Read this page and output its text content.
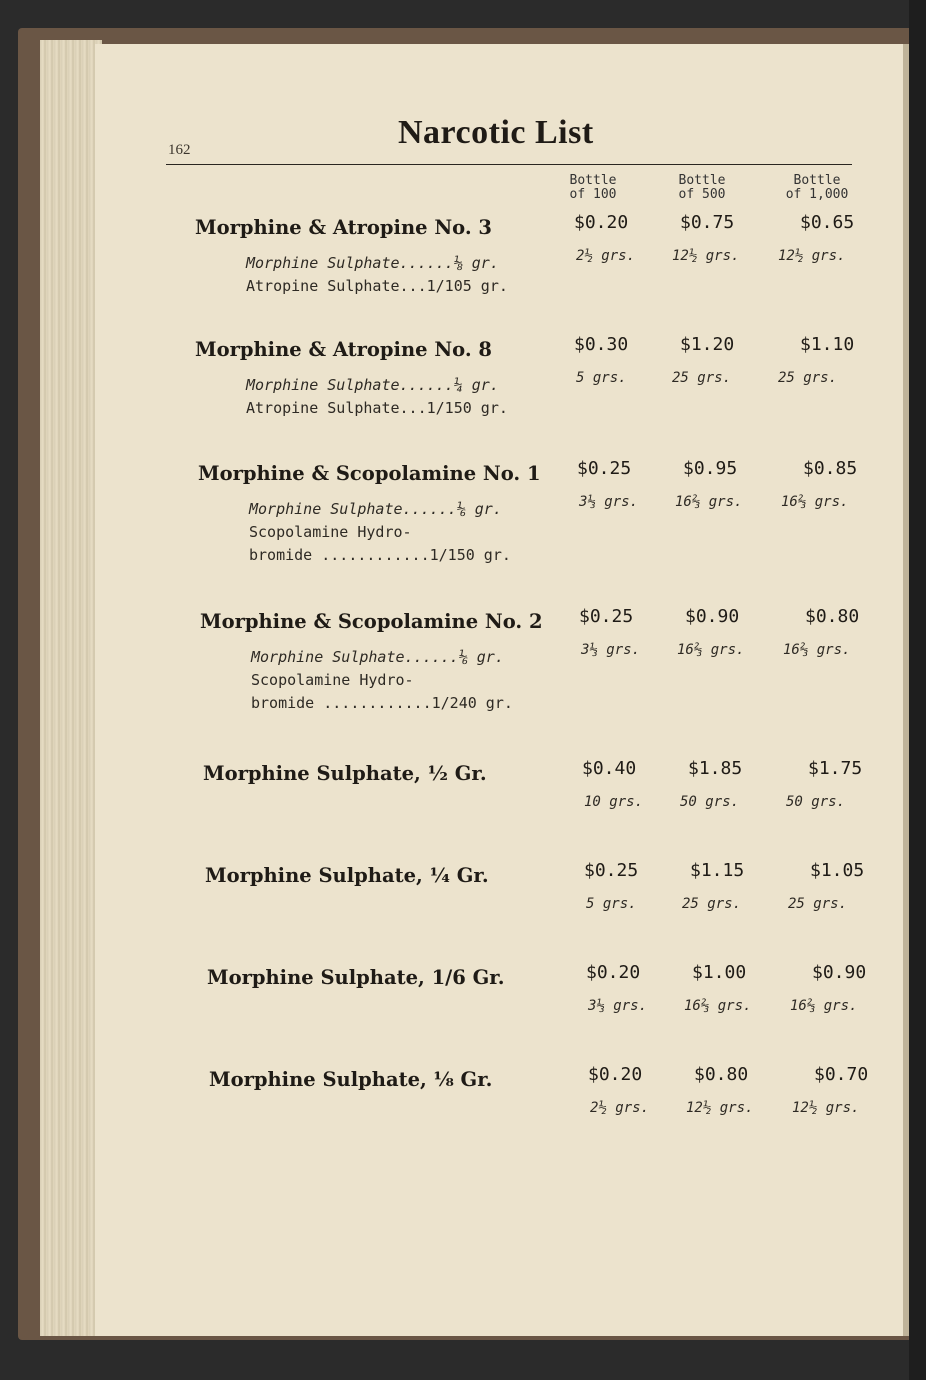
162	Narcotic List
Bottle
of 100
Bottle
of 500
Bottle
of 1,000
Morphine & Atropine No. 3
Morphine Sulphate......⅛ gr.
Atropine Sulphate...1/105 gr.
$0.20	$0.75	$0.65
2½ grs.	12½ grs.	12½ grs.
Morphine & Atropine No. 8
Morphine Sulphate......¼ gr.
Atropine Sulphate...1/150 gr.
$0.30	$1.20	$1.10
5 grs.	25 grs.	25 grs.
Morphine & Scopolamine No. 1
Morphine Sulphate......⅙ gr.
Scopolamine Hydro-
bromide ............1/150 gr.
$0.25	$0.95	$0.85
3⅓ grs.	16⅔ grs.	16⅔ grs.
Morphine & Scopolamine No. 2
Morphine Sulphate......⅙ gr.
Scopolamine Hydro-
bromide ............1/240 gr.
$0.25	$0.90	$0.80
3⅓ grs.	16⅔ grs.	16⅔ grs.
Morphine Sulphate, ½ Gr.	$0.40	$1.85	$1.75
10 grs.	50 grs.	50 grs.
Morphine Sulphate, ¼ Gr.	$0.25	$1.15	$1.05
5 grs.	25 grs.	25 grs.
Morphine Sulphate, 1/6 Gr.	$0.20	$1.00	$0.90
3⅓ grs.	16⅔ grs.	16⅔ grs.
Morphine Sulphate, ⅛ Gr.	$0.20	$0.80	$0.70
2½ grs.	12½ grs.	12½ grs.
